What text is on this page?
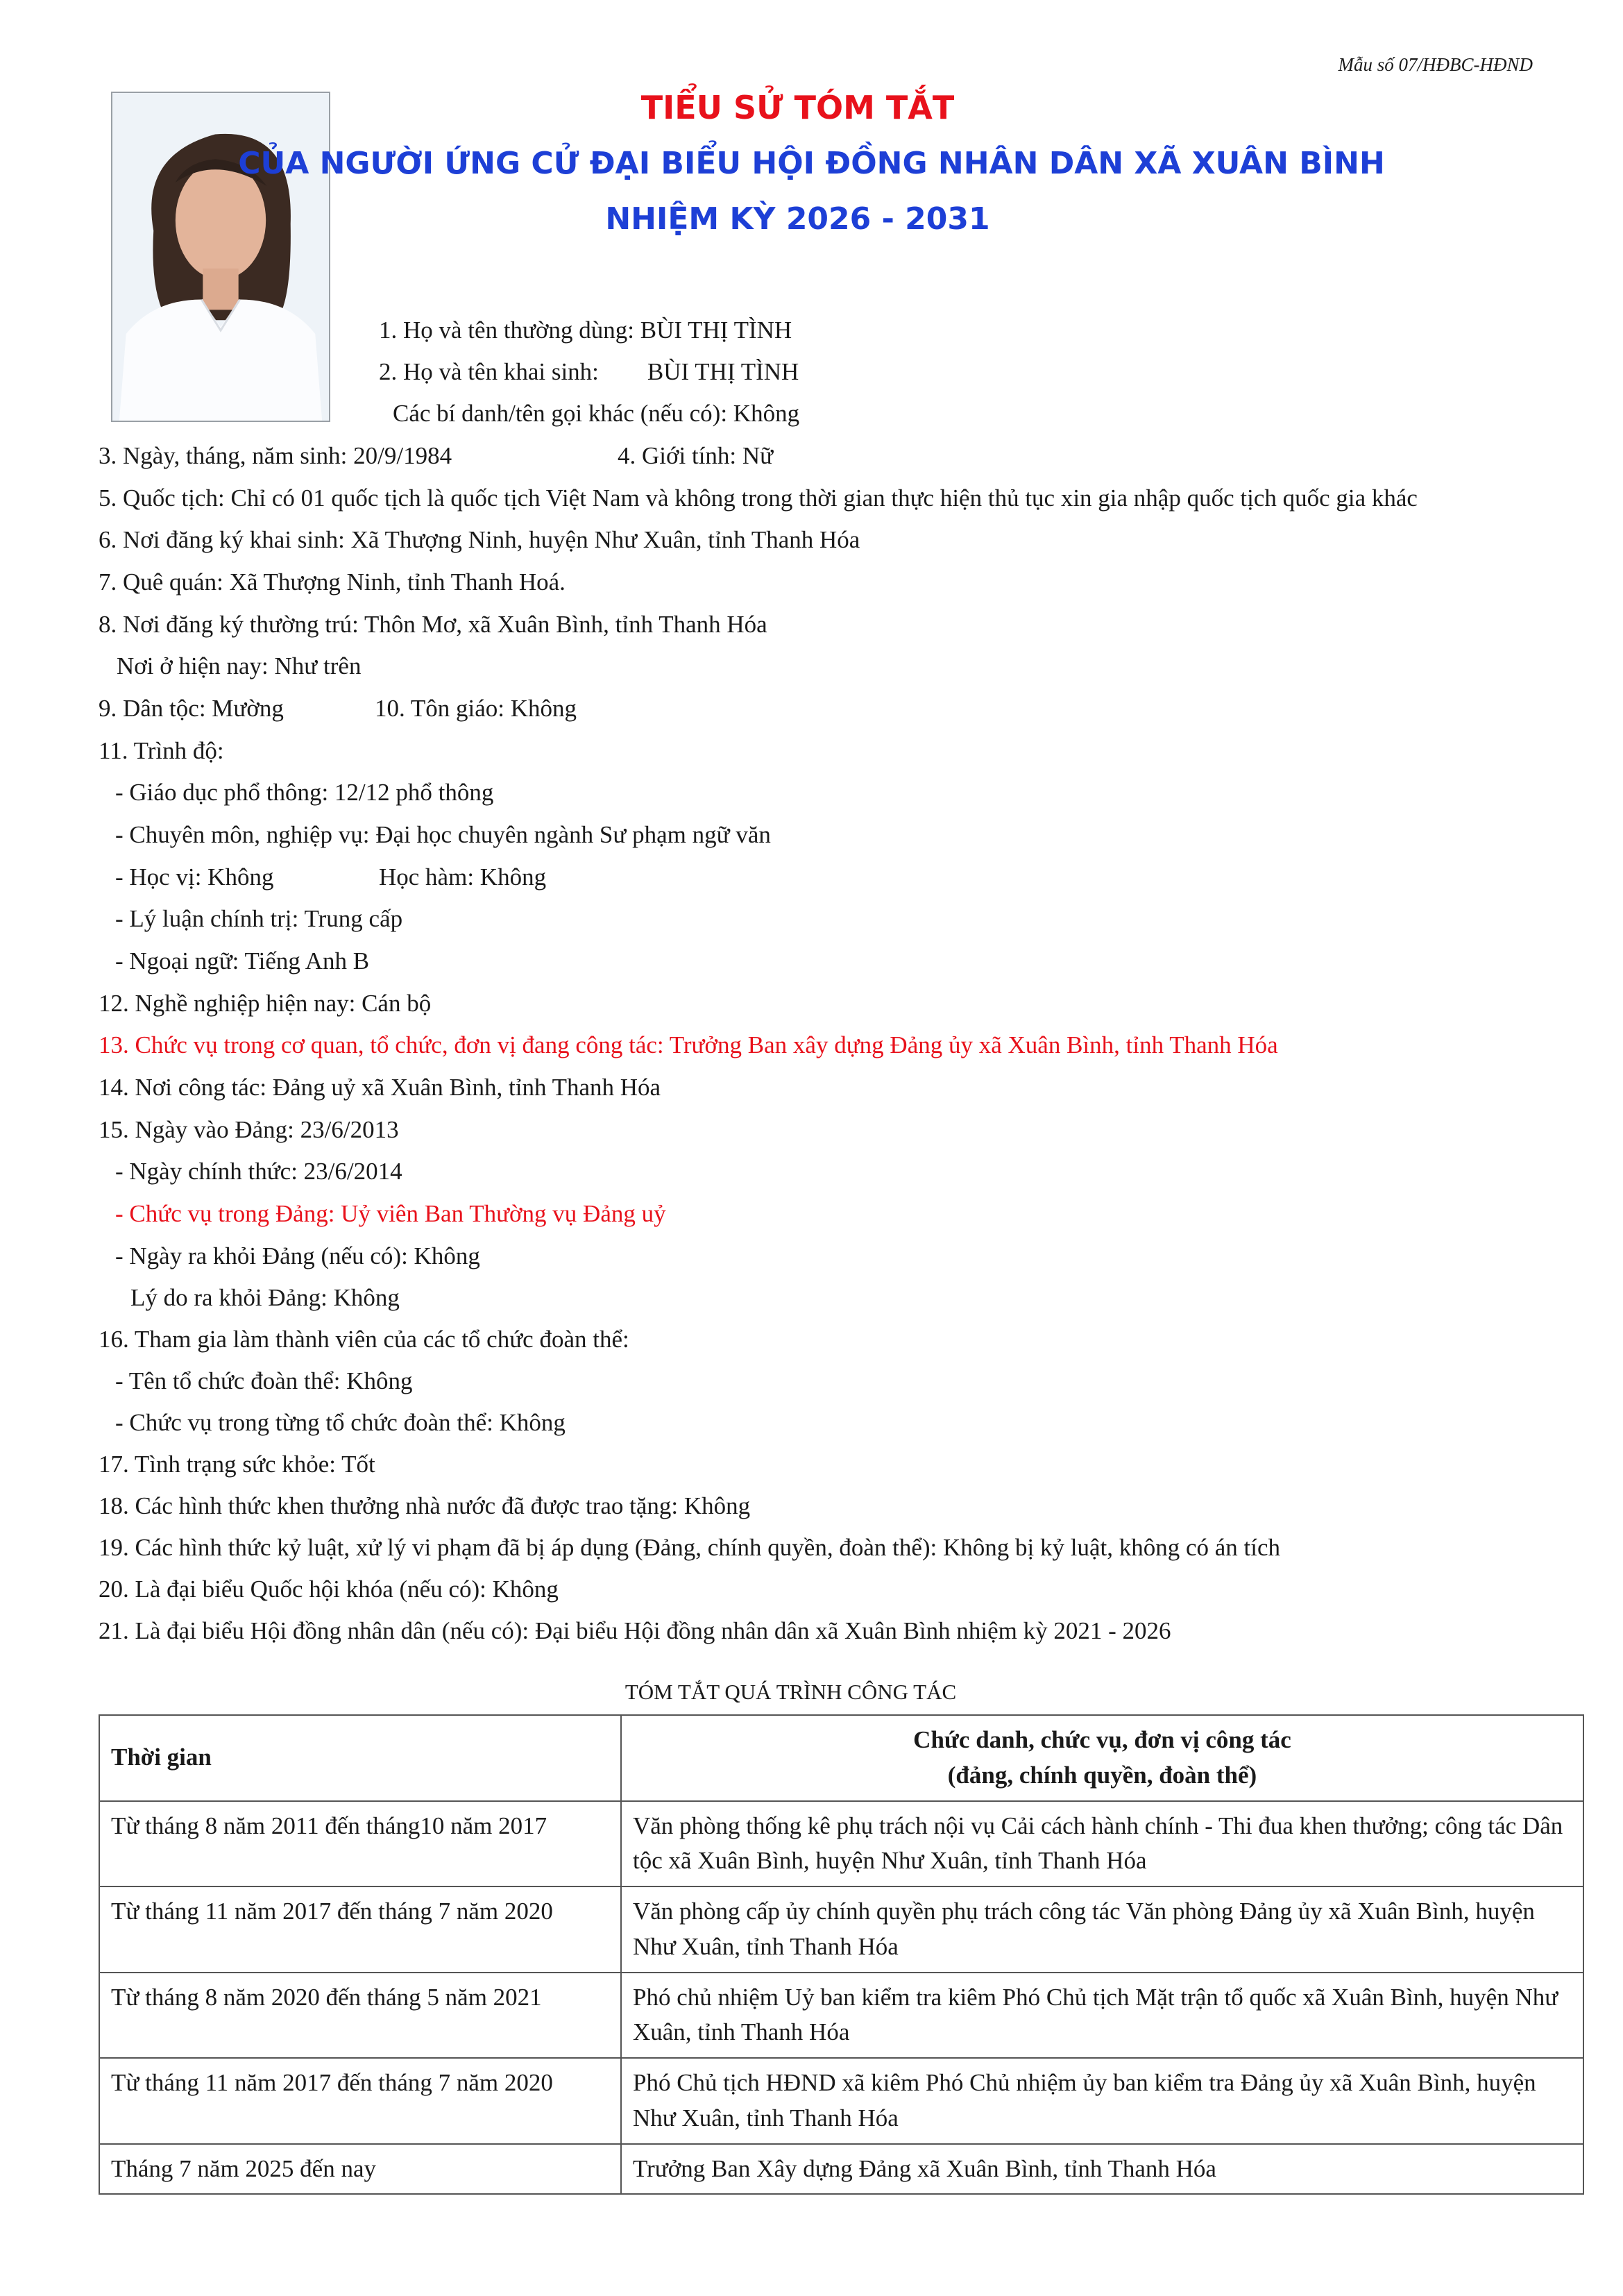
Mẫu số 07/HĐBC-HĐND
TIỂU SỬ TÓM TẮT
CỦA NGƯỜI ỨNG CỬ ĐẠI BIỂU HỘI ĐỒNG NHÂN DÂN XÃ XUÂN BÌNH
NHIỆM KỲ 2026 - 2031
1. Họ và tên thường dùng: BÙI THỊ TÌNH
2. Họ và tên khai sinh:        BÙI THỊ TÌNH
Các bí danh/tên gọi khác (nếu có): Không
3. Ngày, tháng, năm sinh: 20/9/1984	4. Giới tính: Nữ
5. Quốc tịch: Chỉ có 01 quốc tịch là quốc tịch Việt Nam và không trong thời gian thực hiện thủ tục xin gia nhập quốc tịch quốc gia khác
6. Nơi đăng ký khai sinh: Xã Thượng Ninh, huyện Như Xuân, tỉnh Thanh Hóa
7. Quê quán: Xã Thượng Ninh, tỉnh Thanh Hoá.
8. Nơi đăng ký thường trú: Thôn Mơ, xã Xuân Bình, tỉnh Thanh Hóa
Nơi ở hiện nay: Như trên
9. Dân tộc: Mường	10. Tôn giáo: Không
11. Trình độ:
- Giáo dục phổ thông: 12/12 phổ thông
- Chuyên môn, nghiệp vụ: Đại học chuyên ngành Sư phạm ngữ văn
- Học vị: Không	Học hàm: Không
- Lý luận chính trị: Trung cấp
- Ngoại ngữ: Tiếng Anh B
12. Nghề nghiệp hiện nay: Cán bộ
13. Chức vụ trong cơ quan, tổ chức, đơn vị đang công tác: Trưởng Ban xây dựng Đảng ủy xã Xuân Bình, tỉnh Thanh Hóa
14. Nơi công tác: Đảng uỷ xã Xuân Bình, tỉnh Thanh Hóa
15. Ngày vào Đảng: 23/6/2013
- Ngày chính thức: 23/6/2014
- Chức vụ trong Đảng: Uỷ viên Ban Thường vụ Đảng uỷ
- Ngày ra khỏi Đảng (nếu có): Không
Lý do ra khỏi Đảng: Không
16. Tham gia làm thành viên của các tổ chức đoàn thể:
- Tên tổ chức đoàn thể: Không
- Chức vụ trong từng tổ chức đoàn thể: Không
17. Tình trạng sức khỏe: Tốt
18. Các hình thức khen thưởng nhà nước đã được trao tặng: Không
19. Các hình thức kỷ luật, xử lý vi phạm đã bị áp dụng (Đảng, chính quyền, đoàn thể): Không bị kỷ luật, không có án tích
20. Là đại biểu Quốc hội khóa (nếu có): Không
21. Là đại biểu Hội đồng nhân dân (nếu có): Đại biểu Hội đồng nhân dân xã Xuân Bình nhiệm kỳ 2021 - 2026
TÓM TẮT QUÁ TRÌNH CÔNG TÁC
Thời gian	Chức danh, chức vụ, đơn vị công tác
(đảng, chính quyền, đoàn thể)

Từ tháng 8 năm 2011 đến tháng10 năm 2017	Văn phòng thống kê phụ trách nội vụ Cải cách hành chính - Thi đua khen thưởng; công tác Dân tộc xã Xuân Bình, huyện Như Xuân, tỉnh Thanh Hóa
Từ tháng 11 năm 2017 đến tháng 7 năm 2020	Văn phòng cấp ủy chính quyền phụ trách công tác Văn phòng Đảng ủy xã Xuân Bình, huyện Như Xuân, tỉnh Thanh Hóa
Từ tháng 8 năm 2020 đến tháng 5 năm 2021	Phó chủ nhiệm Uỷ ban kiểm tra kiêm Phó Chủ tịch Mặt trận tổ quốc xã Xuân Bình, huyện Như Xuân, tỉnh Thanh Hóa
Từ tháng 11 năm 2017 đến tháng 7 năm 2020	Phó Chủ tịch HĐND xã kiêm Phó Chủ nhiệm ủy ban kiểm tra Đảng ủy xã Xuân Bình, huyện Như Xuân, tỉnh Thanh Hóa
Tháng 7 năm 2025 đến nay	Trưởng Ban Xây dựng Đảng xã Xuân Bình, tỉnh Thanh Hóa
